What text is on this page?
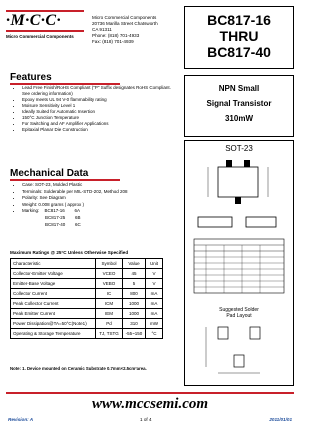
·M·C·C·
Micro Commercial Components
Micro Commercial Components
20736 Marilla Street Chatsworth
CA 91311
Phone: (818) 701-4933
Fax: (818) 701-4939
BC817-16
THRU
BC817-40
Features
• Lead Free Finish/RoHS Compliant ("P" Suffix designates RoHS Compliant. See ordering information)
• Epoxy meets UL 94 V-0 flammability rating
• Moisure Sensitivity Level 1
• Ideally Suited for Automatic Insertion
• 150°C Junction Temperature
• For Switching and AF Amplifier Applications
• Epitaxial Planar Die Construction
NPN Small
Signal Transistor
310mW
Mechanical Data
• Case: SOT-23, Molded Plastic
• Terminals: Solderable per MIL-STD-202, Method 208
• Polarity: See Diagram
• Weight: 0.008 grams ( approx )
• Marking: BC817-16 6A
BC817-25 6B
BC817-40 6C
Maximum Ratings @ 25°C Unless Otherwise Specified
Characteristic	Symbol	Value	Unit
Collector-Emitter Voltage	VCEO	45	V
Emitter-Base Voltage	VEBO	5	V
Collector Current	IC	800	mA
Peak Collector Current	ICM	1000	mA
Peak Emitter Current	IEM	1000	mA
Power Dissipation@TA=50°C(Note1)	Pd	310	mW
Operating & Storage Temperature	TJ, TSTG	-55~150	°C
Note: 1. Device mounted on Ceramic Substrate 0.7mm×2.5cm²area.
SOT-23
Suggested Solder
Pad Layout
www.mccsemi.com
Revision: A	1 of 4	2011/01/01
